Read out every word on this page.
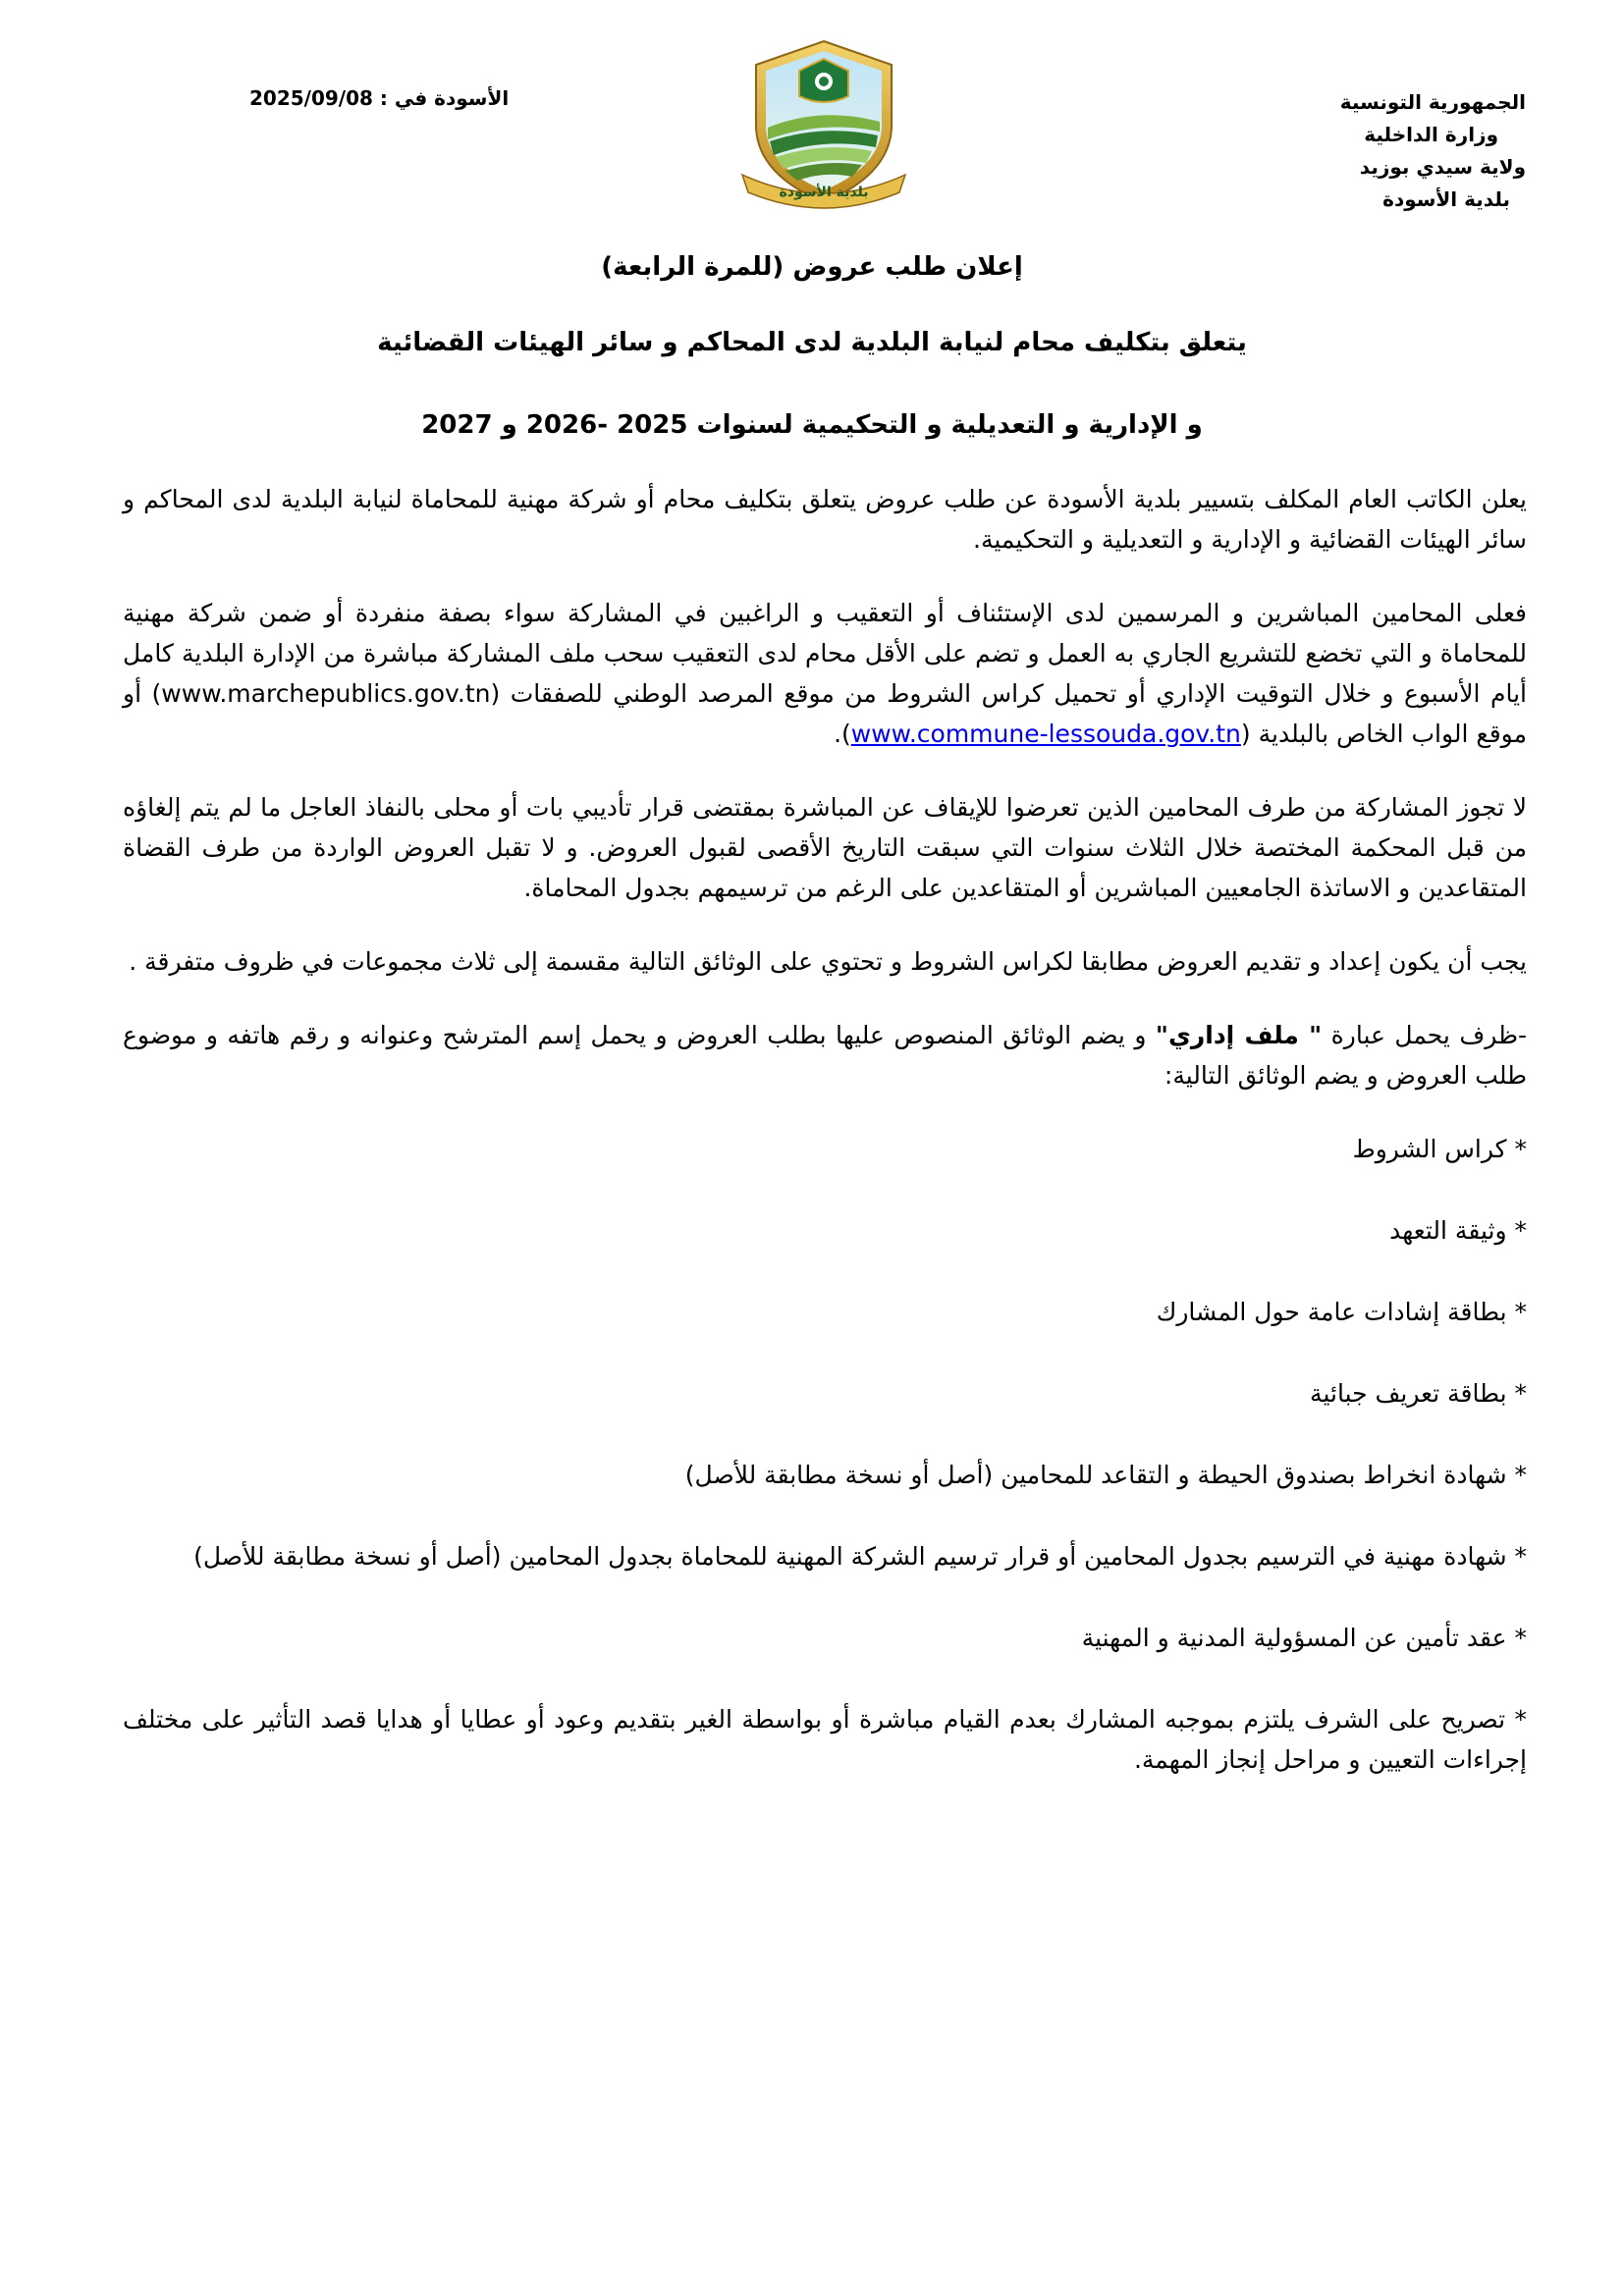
الجمهورية التونسية
وزارة الداخلية
ولاية سيدي بوزيد
بلدية الأسودة
الأسودة في : 2025/09/08
بلدية الأسودة
إعلان طلب عروض (للمرة الرابعة)
يتعلق بتكليف محام لنيابة البلدية لدى المحاكم و سائر الهيئات القضائية
و الإدارية و التعديلية و التحكيمية لسنوات 2025 -2026 و 2027

يعلن الكاتب العام المكلف بتسيير بلدية الأسودة عن طلب عروض يتعلق بتكليف محام أو شركة مهنية للمحاماة لنيابة البلدية لدى المحاكم و سائر الهيئات القضائية و الإدارية و التعديلية و التحكيمية.

فعلى المحامين المباشرين و المرسمين لدى الإستئناف أو التعقيب و الراغبين في المشاركة سواء بصفة منفردة أو ضمن شركة مهنية للمحاماة و التي تخضع للتشريع الجاري به العمل و تضم على الأقل محام لدى التعقيب سحب ملف المشاركة مباشرة من الإدارة البلدية كامل أيام الأسبوع و خلال التوقيت الإداري أو تحميل كراس الشروط من موقع المرصد الوطني للصفقات (www.marchepublics.gov.tn) أو موقع الواب الخاص بالبلدية (www.commune-lessouda.gov.tn).

لا تجوز المشاركة من طرف المحامين الذين تعرضوا للإيقاف عن المباشرة بمقتضى قرار تأديبي بات أو محلى بالنفاذ العاجل ما لم يتم إلغاؤه من قبل المحكمة المختصة خلال الثلاث سنوات التي سبقت التاريخ الأقصى لقبول العروض. و لا تقبل العروض الواردة من طرف القضاة المتقاعدين و الاساتذة الجامعيين المباشرين أو المتقاعدين على الرغم من ترسيمهم بجدول المحاماة.

يجب أن يكون إعداد و تقديم العروض مطابقا لكراس الشروط و تحتوي على الوثائق التالية مقسمة إلى ثلاث مجموعات في ظروف متفرقة .

-ظرف يحمل عبارة " ملف إداري" و يضم الوثائق المنصوص عليها بطلب العروض و يحمل إسم المترشح وعنوانه و رقم هاتفه و موضوع طلب العروض و يضم الوثائق التالية:

* كراس الشروط

* وثيقة التعهد

* بطاقة إشادات عامة حول المشارك

* بطاقة تعريف جبائية

* شهادة انخراط بصندوق الحيطة و التقاعد للمحامين (أصل أو نسخة مطابقة للأصل)

* شهادة مهنية في الترسيم بجدول المحامين أو قرار ترسيم الشركة المهنية للمحاماة بجدول المحامين (أصل أو نسخة مطابقة للأصل)

* عقد تأمين عن المسؤولية المدنية و المهنية

* تصريح على الشرف يلتزم بموجبه المشارك بعدم القيام مباشرة أو بواسطة الغير بتقديم وعود أو عطايا أو هدايا قصد التأثير على مختلف إجراءات التعيين و مراحل إنجاز المهمة.
